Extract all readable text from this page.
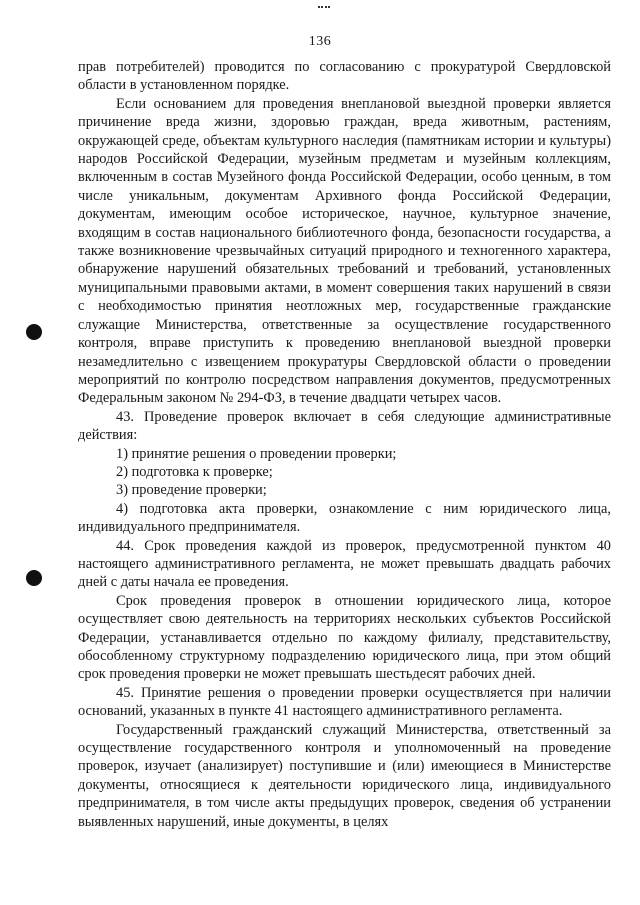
136

прав потребителей) проводится по согласованию с прокуратурой Свердловской области в установленном порядке.

Если основанием для проведения внеплановой выездной проверки является причинение вреда жизни, здоровью граждан, вреда животным, растениям, окружающей среде, объектам культурного наследия (памятникам истории и культуры) народов Российской Федерации, музейным предметам и музейным коллекциям, включенным в состав Музейного фонда Российской Федерации, особо ценным, в том числе уникальным, документам Архивного фонда Российской Федерации, документам, имеющим особое историческое, научное, культурное значение, входящим в состав национального библиотечного фонда, безопасности государства, а также возникновение чрезвычайных ситуаций природного и техногенного характера, обнаружение нарушений обязательных требований и требований, установленных муниципальными правовыми актами, в момент совершения таких нарушений в связи с необходимостью принятия неотложных мер, государственные гражданские служащие Министерства, ответственные за осуществление государственного контроля, вправе приступить к проведению внеплановой выездной проверки незамедлительно с извещением прокуратуры Свердловской области о проведении мероприятий по контролю посредством направления документов, предусмотренных Федеральным законом № 294-ФЗ, в течение двадцати четырех часов.

43. Проведение проверок включает в себя следующие административные действия:

1) принятие решения о проведении проверки;

2) подготовка к проверке;

3) проведение проверки;

4) подготовка акта проверки, ознакомление с ним юридического лица, индивидуального предпринимателя.

44. Срок проведения каждой из проверок, предусмотренной пунктом 40 настоящего административного регламента, не может превышать двадцать рабочих дней с даты начала ее проведения.

Срок проведения проверок в отношении юридического лица, которое осуществляет свою деятельность на территориях нескольких субъектов Российской Федерации, устанавливается отдельно по каждому филиалу, представительству, обособленному структурному подразделению юридического лица, при этом общий срок проведения проверки не может превышать шестьдесят рабочих дней.

45. Принятие решения о проведении проверки осуществляется при наличии оснований, указанных в пункте 41 настоящего административного регламента.

Государственный гражданский служащий Министерства, ответственный за осуществление государственного контроля и уполномоченный на проведение проверок, изучает (анализирует) поступившие и (или) имеющиеся в Министерстве документы, относящиеся к деятельности юридического лица, индивидуального предпринимателя, в том числе акты предыдущих проверок, сведения об устранении выявленных нарушений, иные документы, в целях
